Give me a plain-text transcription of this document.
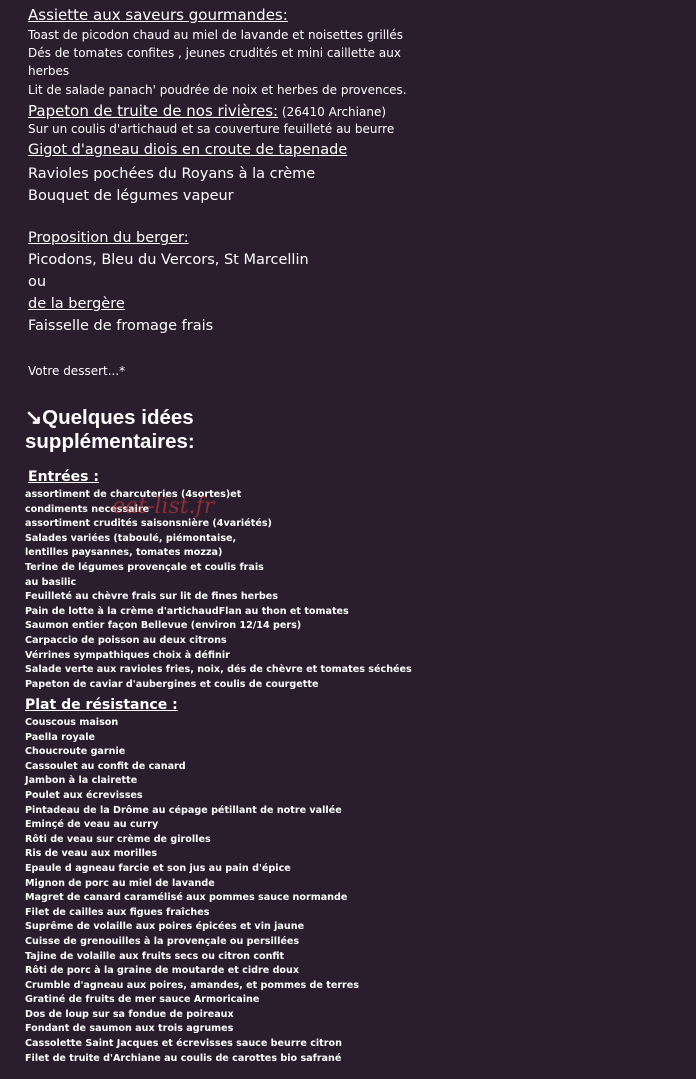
Assiette aux saveurs gourmandes:
Toast de picodon chaud au miel de lavande et noisettes grillés
Dés de tomates confites , jeunes crudités et mini caillette aux
herbes
Lit de salade panach' poudrée de noix et herbes de provences.
Papeton de truite de nos rivières: (26410 Archiane)
Sur un coulis d'artichaud et sa couverture feuilleté au beurre
Gigot d'agneau diois en croute de tapenade
Ravioles pochées du Royans à la crème
Bouquet de légumes vapeur
Proposition du berger:
Picodons, Bleu du Vercors, St Marcellin
ou
de la bergère
Faisselle de fromage frais
Votre dessert...*
↘Quelques idées
supplémentaires:
Entrées :
assortiment de charcuteries (4sortes)et
condiments necessaire
assortiment crudités saisonsnière (4variétés)
Salades variées (taboulé, piémontaise,
lentilles paysannes, tomates mozza)
Terine de légumes provençale et coulis frais
au basilic
Feuilleté au chèvre frais sur lit de fines herbes
Pain de lotte à la crème d'artichaudFlan au thon et tomates
Saumon entier façon Bellevue (environ 12/14 pers)
Carpaccio de poisson au deux citrons
Vérrines sympathiques choix à définir
Salade verte aux ravioles fries, noix, dés de chèvre et tomates séchées
Papeton de caviar d'aubergines et coulis de courgette
eat-list.fr
Plat de résistance :
Couscous maison
Paella royale
Choucroute garnie
Cassoulet au confit de canard
Jambon à la clairette
Poulet aux écrevisses
Pintadeau de la Drôme au cépage pétillant de notre vallée
Eminçé de veau au curry
Rôti de veau sur crème de girolles
Ris de veau aux morilles
Epaule d agneau farcie et son jus au pain d'épice
Mignon de porc au miel de lavande
Magret de canard caramélisé aux pommes sauce normande
Filet de cailles aux figues fraîches
Suprême de volaille aux poires épicées et vin jaune
Cuisse de grenouilles à la provençale ou persillées
Tajine de volaille aux fruits secs ou citron confit
Rôti de porc à la graine de moutarde et cidre doux
Crumble d'agneau aux poires, amandes, et pommes de terres
Gratiné de fruits de mer sauce Armoricaine
Dos de loup sur sa fondue de poireaux
Fondant de saumon aux trois agrumes
Cassolette Saint Jacques et écrevisses sauce beurre citron
Filet de truite d'Archiane au coulis de carottes bio safrané
